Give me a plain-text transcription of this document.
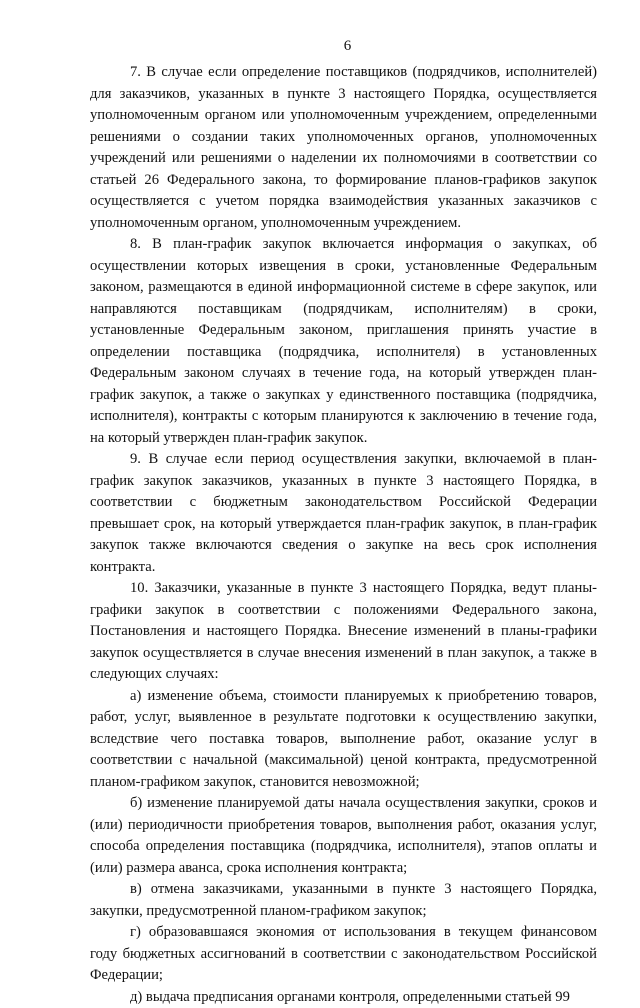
6

7. В случае если определение поставщиков (подрядчиков, исполнителей) для заказчиков, указанных в пункте 3 настоящего Порядка, осуществляется уполномоченным органом или уполномоченным учреждением, определенными решениями о создании таких уполномоченных органов, уполномоченных учреждений или решениями о наделении их полномочиями в соответствии со статьей 26 Федерального закона, то формирование планов-графиков закупок осуществляется с учетом порядка взаимодействия указанных заказчиков с уполномоченным органом, уполномоченным учреждением.

8. В план-график закупок включается информация о закупках, об осуществлении которых извещения в сроки, установленные Федеральным законом, размещаются в единой информационной системе в сфере закупок, или направляются поставщикам (подрядчикам, исполнителям) в сроки, установленные Федеральным законом, приглашения принять участие в определении поставщика (подрядчика, исполнителя) в установленных Федеральным законом случаях в течение года, на который утвержден план-график закупок, а также о закупках у единственного поставщика (подрядчика, исполнителя), контракты с которым планируются к заключению в течение года, на который утвержден план-график закупок.

9. В случае если период осуществления закупки, включаемой в план-график закупок заказчиков, указанных в пункте 3 настоящего Порядка, в соответствии с бюджетным законодательством Российской Федерации превышает срок, на который утверждается план-график закупок, в план-график закупок также включаются сведения о закупке на весь срок исполнения контракта.

10. Заказчики, указанные в пункте 3 настоящего Порядка, ведут планы-графики закупок в соответствии с положениями Федерального закона, Постановления и настоящего Порядка. Внесение изменений в планы-графики закупок осуществляется в случае внесения изменений в план закупок, а также в следующих случаях:

а) изменение объема, стоимости планируемых к приобретению товаров, работ, услуг, выявленное в результате подготовки к осуществлению закупки, вследствие чего поставка товаров, выполнение работ, оказание услуг в соответствии с начальной (максимальной) ценой контракта, предусмотренной планом-графиком закупок, становится невозможной;

б) изменение планируемой даты начала осуществления закупки, сроков и (или) периодичности приобретения товаров, выполнения работ, оказания услуг, способа определения поставщика (подрядчика, исполнителя), этапов оплаты и (или) размера аванса, срока исполнения контракта;

в) отмена заказчиками, указанными в пункте 3 настоящего Порядка, закупки, предусмотренной планом-графиком закупок;

г) образовавшаяся экономия от использования в текущем финансовом году бюджетных ассигнований в соответствии с законодательством Российской Федерации;

д) выдача предписания органами контроля, определенными статьей 99
